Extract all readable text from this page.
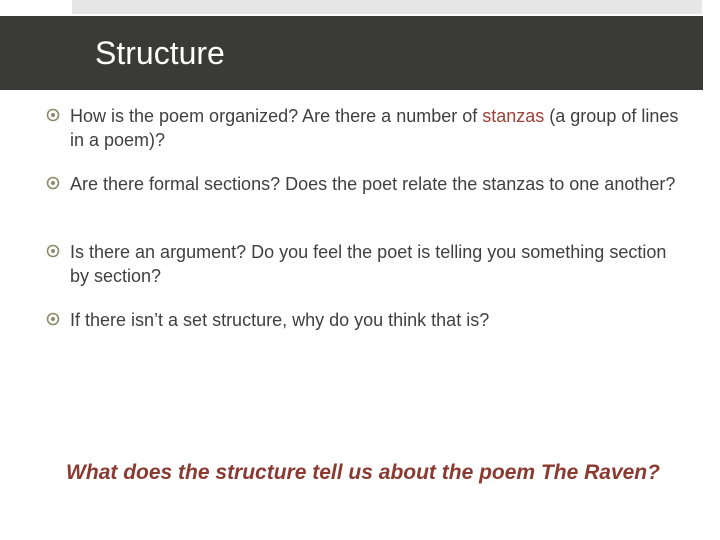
Structure
How is the poem organized? Are there a number of stanzas (a group of lines in a poem)?
Are there formal sections? Does the poet relate the stanzas to one another?
Is there an argument? Do you feel the poet is telling you something section by section?
If there isn’t a set structure, why do you think that is?
What does the structure tell us about the poem The Raven?
